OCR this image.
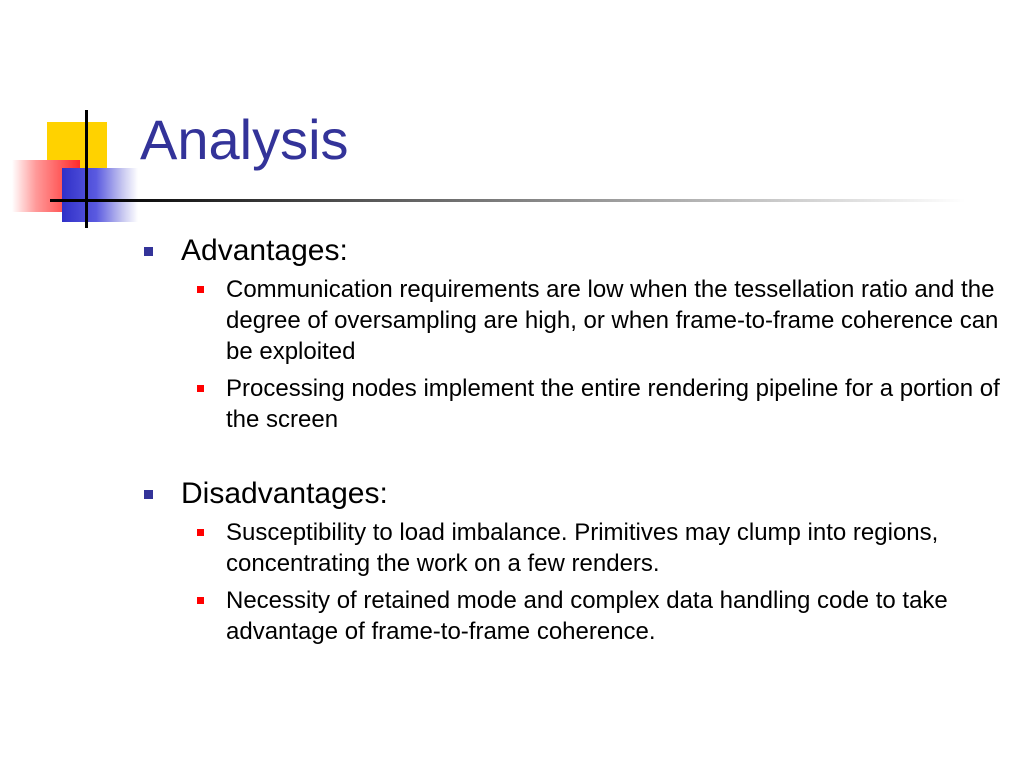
Analysis

Advantages:

Communication requirements are low when the tessellation ratio and the degree of oversampling are high, or when frame-to-frame coherence can be exploited
Processing nodes implement the entire rendering pipeline for a portion of the screen

Disadvantages:

Susceptibility to load imbalance. Primitives may clump into regions, concentrating the work on a few renders.
Necessity of retained mode and complex data handling code to take advantage of frame-to-frame coherence.
